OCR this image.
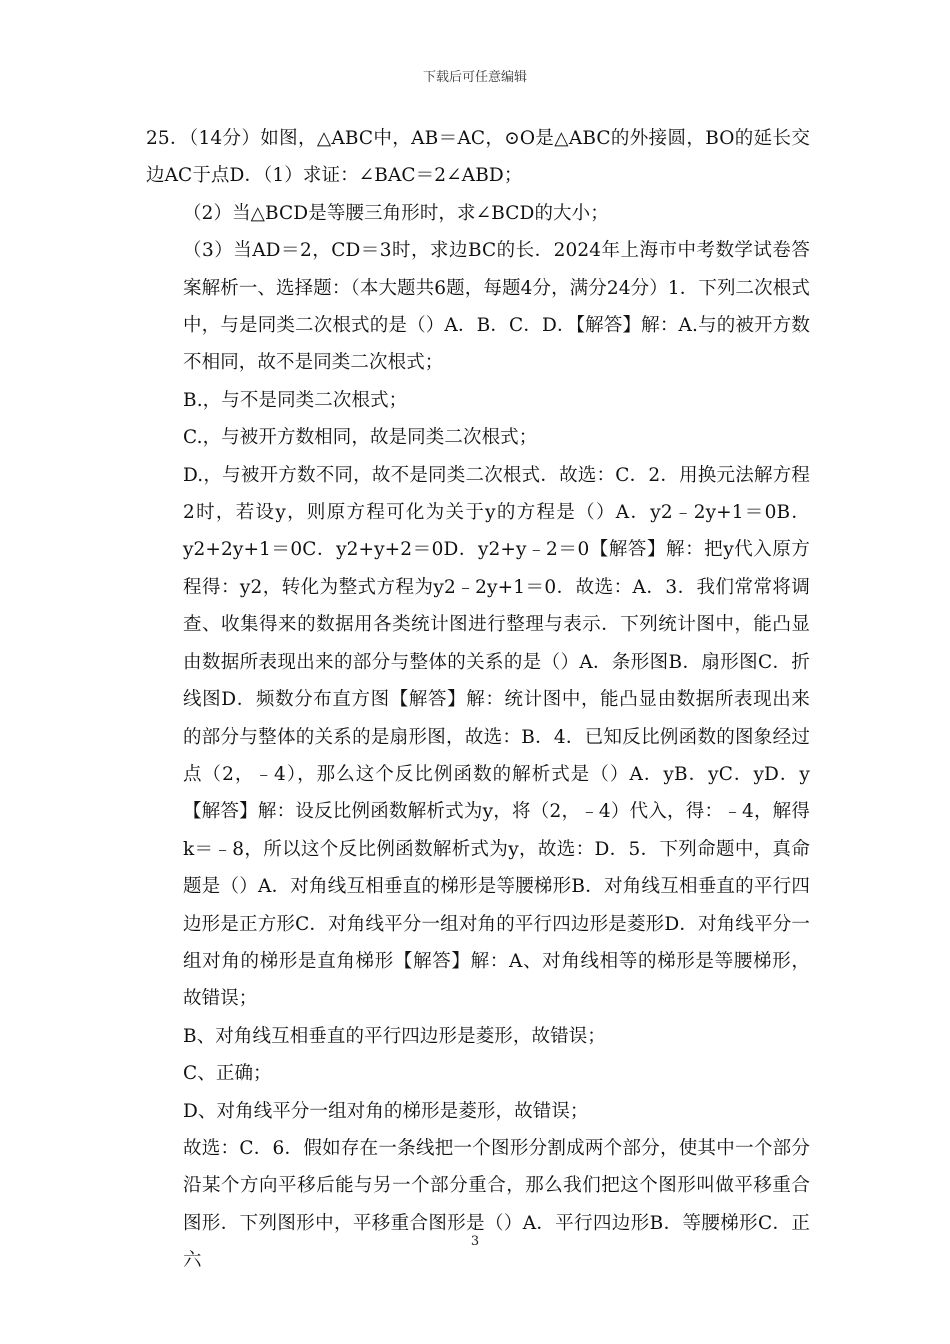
下载后可任意编辑

25．（14分）如图，△ABC中，AB＝AC，⊙O是△ABC的外接圆，BO的延长交边AC于点D．（1）求证：∠BAC＝2∠ABD；

（2）当△BCD是等腰三角形时，求∠BCD的大小；

（3）当AD＝2，CD＝3时，求边BC的长．2024年上海市中考数学试卷答案解析一、选择题：（本大题共6题，每题4分，满分24分）1．下列二次根式中，与是同类二次根式的是（）A．B．C．D．【解答】解：A.与的被开方数不相同，故不是同类二次根式；

B.，与不是同类二次根式；

C.，与被开方数相同，故是同类二次根式；

D.，与被开方数不同，故不是同类二次根式．故选：C．2．用换元法解方程2时，若设y，则原方程可化为关于y的方程是（）A．y2﹣2y+1＝0B．y2+2y+1＝0C．y2+y+2＝0D．y2+y﹣2＝0【解答】解：把y代入原方程得：y2，转化为整式方程为y2﹣2y+1＝0．故选：A．3．我们常常将调查、收集得来的数据用各类统计图进行整理与表示．下列统计图中，能凸显由数据所表现出来的部分与整体的关系的是（）A．条形图B．扇形图C．折线图D．频数分布直方图【解答】解：统计图中，能凸显由数据所表现出来的部分与整体的关系的是扇形图，故选：B．4．已知反比例函数的图象经过点（2，﹣4），那么这个反比例函数的解析式是（）A．yB．yC．yD．y【解答】解：设反比例函数解析式为y，将（2，﹣4）代入，得：﹣4，解得k＝﹣8，所以这个反比例函数解析式为y，故选：D．5．下列命题中，真命题是（）A．对角线互相垂直的梯形是等腰梯形B．对角线互相垂直的平行四边形是正方形C．对角线平分一组对角的平行四边形是菱形D．对角线平分一组对角的梯形是直角梯形【解答】解：A、对角线相等的梯形是等腰梯形，故错误；

B、对角线互相垂直的平行四边形是菱形，故错误；

C、正确；

D、对角线平分一组对角的梯形是菱形，故错误；

故选：C．6．假如存在一条线把一个图形分割成两个部分，使其中一个部分沿某个方向平移后能与另一个部分重合，那么我们把这个图形叫做平移重合图形．下列图形中，平移重合图形是（）A．平行四边形B．等腰梯形C．正六

3
